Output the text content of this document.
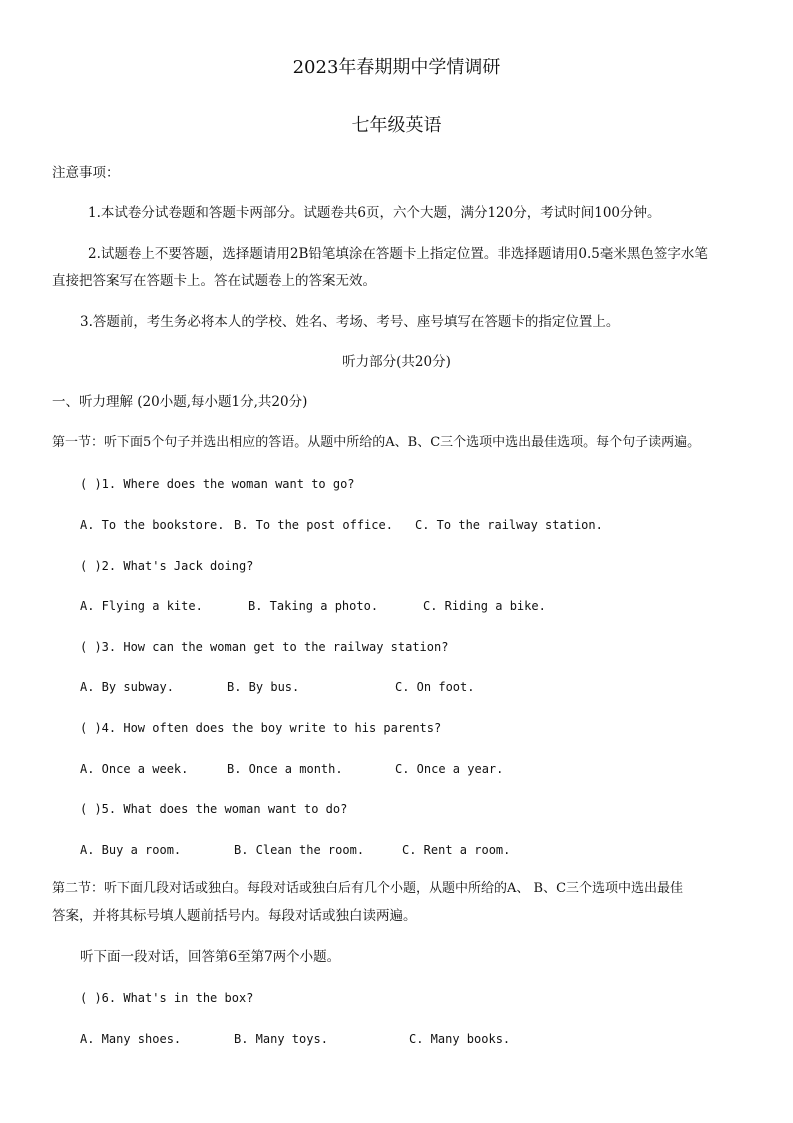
2023年春期期中学情调研
七年级英语
注意事项：
1.本试卷分试卷题和答题卡两部分。试题卷共6页，六个大题，满分120分，考试时间100分钟。
2.试题卷上不要答题，选择题请用2B铅笔填涂在答题卡上指定位置。非选择题请用0.5毫米黑色签字水笔
直接把答案写在答题卡上。答在试题卷上的答案无效。
3.答题前，考生务必将本人的学校、姓名、考场、考号、座号填写在答题卡的指定位置上。
听力部分(共20分)
一、听力理解 (20小题,每小题1分,共20分)
第一节：听下面5个句子并选出相应的答语。从题中所给的A、B、C三个选项中选出最佳选项。每个句子读两遍。
( )1. Where does the woman want to go?
A. To the bookstore. B. To the post office. C. To the railway station.
( )2. What's Jack doing?
A. Flying a kite.	B. Taking a photo.	C. Riding a bike.
( )3. How can the woman get to the railway station?
A. By subway.	B. By bus.	C. On foot.
( )4. How often does the boy write to his parents?
A. Once a week.	B. Once a month.	C. Once a year.
( )5. What does the woman want to do?
A. Buy a room.	B. Clean the room.	C. Rent a room.
第二节：听下面几段对话或独白。每段对话或独白后有几个小题，从题中所给的A、 B、C三个选项中选出最佳
答案，并将其标号填人题前括号内。每段对话或独白读两遍。
听下面一段对话，回答第6至第7两个小题。
( )6. What's in the box?
A. Many shoes.	B. Many toys.	C. Many books.
